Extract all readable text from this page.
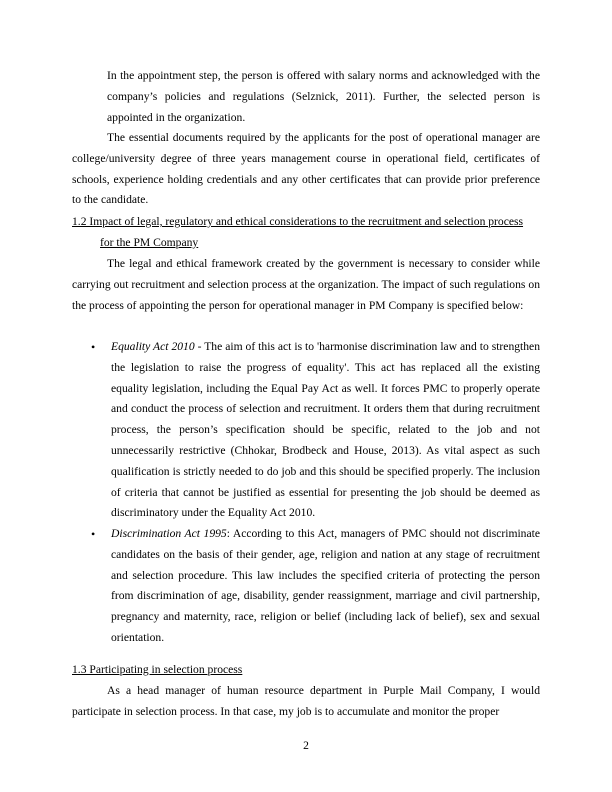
In the appointment step, the person is offered with salary norms and acknowledged with the company’s policies and regulations (Selznick, 2011). Further, the selected person is appointed in the organization.

The essential documents required by the applicants for the post of operational manager are college/university degree of three years management course in operational field, certificates of schools, experience holding credentials and any other certificates that can provide prior preference to the candidate.

1.2 Impact of legal, regulatory and ethical considerations to the recruitment and selection process
for the PM Company

The legal and ethical framework created by the government is necessary to consider while carrying out recruitment and selection process at the organization. The impact of such regulations on the process of appointing the person for operational manager in PM Company is specified below:

• Equality Act 2010 - The aim of this act is to 'harmonise discrimination law and to strengthen the legislation to raise the progress of equality'. This act has replaced all the existing equality legislation, including the Equal Pay Act as well. It forces PMC to properly operate and conduct the process of selection and recruitment. It orders them that during recruitment process, the person’s specification should be specific, related to the job and not unnecessarily restrictive (Chhokar, Brodbeck and House, 2013). As vital aspect as such qualification is strictly needed to do job and this should be specified properly. The inclusion of criteria that cannot be justified as essential for presenting the job should be deemed as discriminatory under the Equality Act 2010.
• Discrimination Act 1995: According to this Act, managers of PMC should not discriminate candidates on the basis of their gender, age, religion and nation at any stage of recruitment and selection procedure. This law includes the specified criteria of protecting the person from discrimination of age, disability, gender reassignment, marriage and civil partnership, pregnancy and maternity, race, religion or belief (including lack of belief), sex and sexual orientation.
1.3 Participating in selection process

As a head manager of human resource department in Purple Mail Company, I would participate in selection process. In that case, my job is to accumulate and monitor the proper

2
